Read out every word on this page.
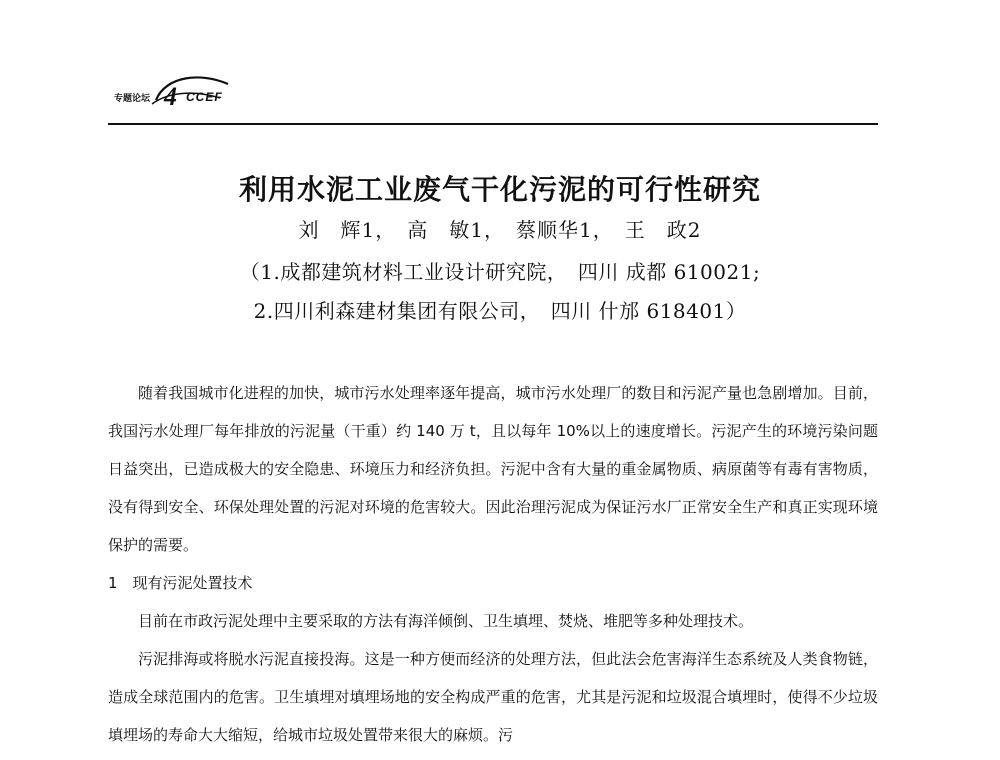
专题论坛 4 CCEF
利用水泥工业废气干化污泥的可行性研究
刘　辉1，　高　敏1，　蔡顺华1，　王　政2
（1.成都建筑材料工业设计研究院，　四川 成都 610021;
2.四川利森建材集团有限公司，　四川 什邡 618401）

随着我国城市化进程的加快，城市污水处理率逐年提高，城市污水处理厂的数目和污泥产量也急剧增加。目前，我国污水处理厂每年排放的污泥量（干重）约 140 万 t，且以每年 10%以上的速度增长。污泥产生的环境污染问题日益突出，已造成极大的安全隐患、环境压力和经济负担。污泥中含有大量的重金属物质、病原菌等有毒有害物质，没有得到安全、环保处理处置的污泥对环境的危害较大。因此治理污泥成为保证污水厂正常安全生产和真正实现环境保护的需要。

1　现有污泥处置技术

目前在市政污泥处理中主要采取的方法有海洋倾倒、卫生填埋、焚烧、堆肥等多种处理技术。

污泥排海或将脱水污泥直接投海。这是一种方便而经济的处理方法，但此法会危害海洋生态系统及人类食物链，造成全球范围内的危害。卫生填埋对填埋场地的安全构成严重的危害，尤其是污泥和垃圾混合填埋时，使得不少垃圾填埋场的寿命大大缩短，给城市垃圾处置带来很大的麻烦。污
